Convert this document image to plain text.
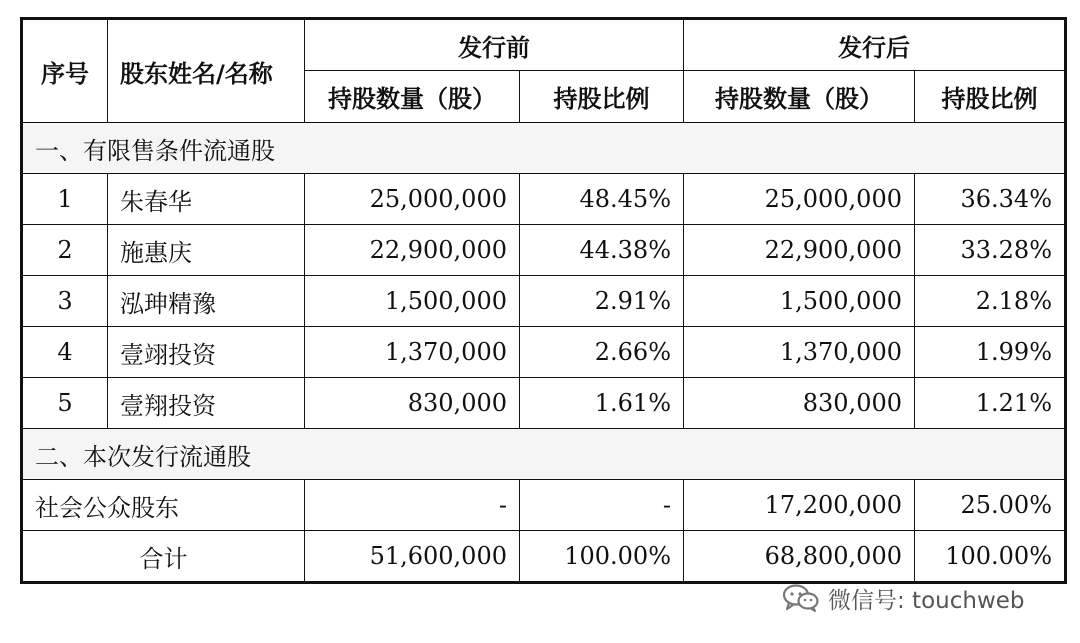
序号	股东姓名/名称	发行前		发行后	
		持股数量（股）	持股比例	持股数量（股）	持股比例
一、有限售条件流通股					
1	朱春华	25,000,000	48.45%	25,000,000	36.34%
2	施惠庆	22,900,000	44.38%	22,900,000	33.28%
3	泓珅精豫	1,500,000	2.91%	1,500,000	2.18%
4	壹翊投资	1,370,000	2.66%	1,370,000	1.99%
5	壹翔投资	830,000	1.61%	830,000	1.21%
二、本次发行流通股					
社会公众股东		-	-	17,200,000	25.00%
合计		51,600,000	100.00%	68,800,000	100.00%
微信号: touchweb
